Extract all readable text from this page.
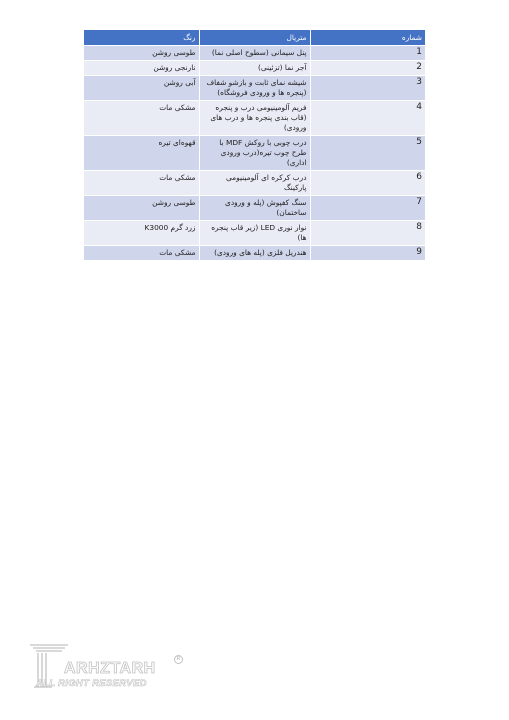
شماره	متریال	رنگ
1	پنل سیمانی (سطوح اصلی نما)	طوسی روشن
2	آجر نما (تزئینی)	نارنجی روشن
3	شیشه نمای ثابت و بازشو شفاف (پنجره ها و ورودی فروشگاه)	آبی روشن
4	فریم آلومینیومی درب و پنجره (قاب بندی پنجره ها و درب های ورودی)	مشکی مات
5	درب چوبی با روکش MDF با طرح چوب تیره(درب ورودی اداری)	قهوه‌ای تیره
6	درب کرکره ای آلومینیومی پارکینگ	مشکی مات
7	سنگ کفپوش (پله و ورودی ساختمان)	طوسی روشن
8	نوار نوری LED (زیر قاب پنجره ها)	زرد گرم K3000
9	هندریل فلزی (پله های ورودی)	مشکی مات
ARHZTARH
R
ALL RIGHT RESERVED
